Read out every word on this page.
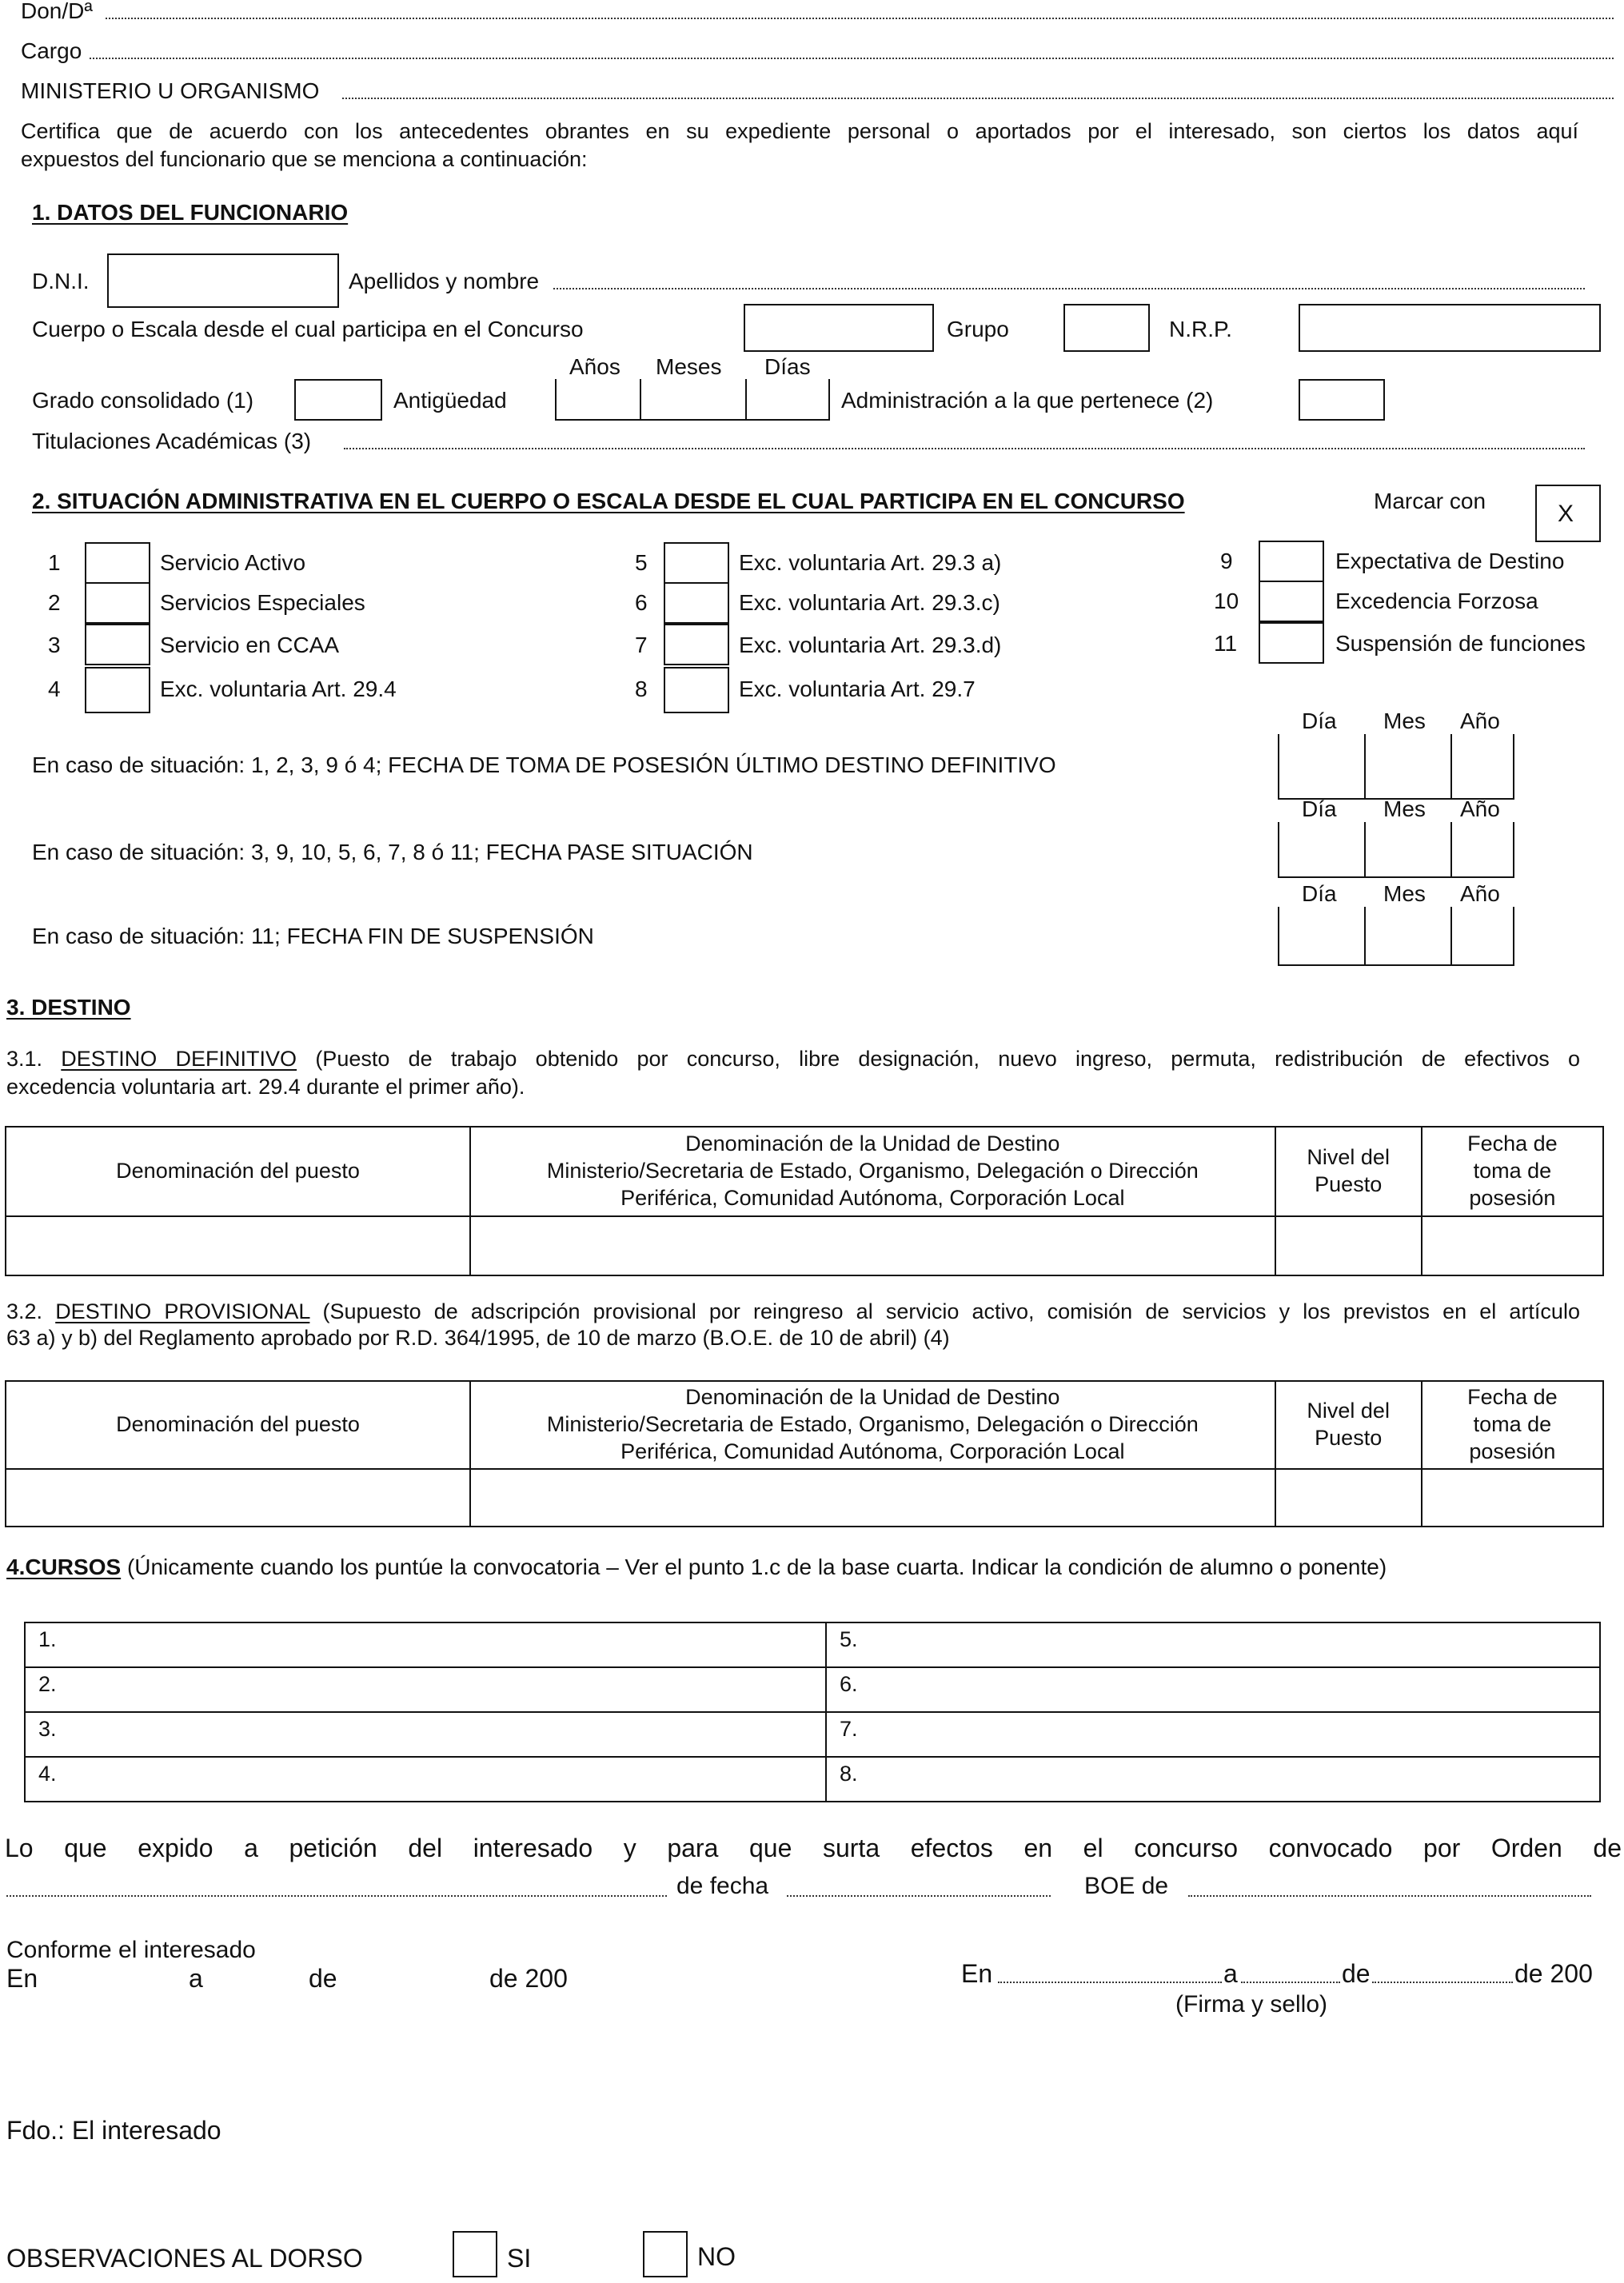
Don/Dª
Cargo
MINISTERIO U ORGANISMO
Certifica que de acuerdo con los antecedentes obrantes en su expediente personal o aportados por el interesado, son ciertos los datos aquí
expuestos del funcionario que se menciona a continuación:
1. DATOS DEL FUNCIONARIO
D.N.I.	Apellidos y nombre
Cuerpo o Escala desde el cual participa en el Concurso	Grupo	N.R.P.
Años Meses Días
Grado consolidado (1)	Antigüedad	Administración a la que pertenece (2)
Titulaciones Académicas (3)
2. SITUACIÓN ADMINISTRATIVA EN EL CUERPO O ESCALA DESDE EL CUAL PARTICIPA EN EL CONCURSO	Marcar con	X
1	Servicio Activo
2	Servicios Especiales
3	Servicio en CCAA
4	Exc. voluntaria Art. 29.4
5	Exc. voluntaria Art. 29.3 a)
6	Exc. voluntaria Art. 29.3.c)
7	Exc. voluntaria Art. 29.3.d)
8	Exc. voluntaria Art. 29.7
9	Expectativa de Destino
10	Excedencia Forzosa
11	Suspensión de funciones
Día Mes Año
En caso de situación: 1, 2, 3, 9 ó 4; FECHA DE TOMA DE POSESIÓN ÚLTIMO DESTINO DEFINITIVO
Día Mes Año
En caso de situación: 3, 9, 10, 5, 6, 7, 8 ó 11; FECHA PASE SITUACIÓN
Día Mes Año
En caso de situación: 11; FECHA FIN DE SUSPENSIÓN
3. DESTINO
3.1. DESTINO DEFINITIVO (Puesto de trabajo obtenido por concurso, libre designación, nuevo ingreso, permuta, redistribución de efectivos o
excedencia voluntaria art. 29.4 durante el primer año).
Denominación del puesto	Denominación de la Unidad de Destino
Ministerio/Secretaria de Estado, Organismo, Delegación o Dirección
Periférica, Comunidad Autónoma, Corporación Local	Nivel del
Puesto	Fecha de
toma de
posesión

3.2. DESTINO PROVISIONAL (Supuesto de adscripción provisional por reingreso al servicio activo, comisión de servicios y los previstos en el artículo
63 a) y b) del Reglamento aprobado por R.D. 364/1995, de 10 de marzo (B.O.E. de 10 de abril) (4)
Denominación del puesto	Denominación de la Unidad de Destino
Ministerio/Secretaria de Estado, Organismo, Delegación o Dirección
Periférica, Comunidad Autónoma, Corporación Local	Nivel del
Puesto	Fecha de
toma de
posesión

4.CURSOS (Únicamente cuando los puntúe la convocatoria – Ver el punto 1.c de la base cuarta. Indicar la condición de alumno o ponente)
1.	5.
2.	6.
3.	7.
4.	8.
Lo que expido a petición del interesado y para que surta efectos en el concurso convocado por Orden de
de fecha	BOE de
Conforme el interesado
En	a	de	de 200	En	a	de	de 200
(Firma y sello)
Fdo.: El interesado
OBSERVACIONES AL DORSO	SI	NO
